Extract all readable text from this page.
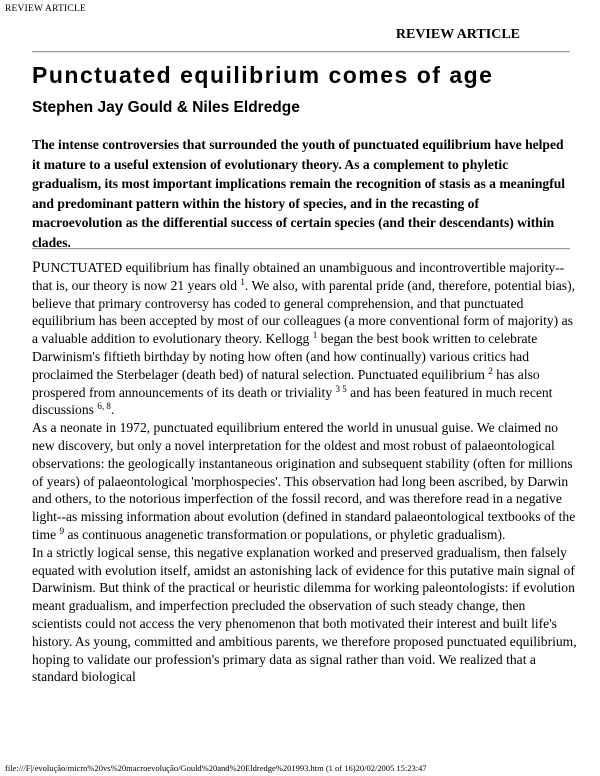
REVIEW ARTICLE
REVIEW ARTICLE
Punctuated equilibrium comes of age
Stephen Jay Gould & Niles Eldredge

The intense controversies that surrounded the youth of punctuated equilibrium have helped it mature to a useful extension of evolutionary theory. As a complement to phyletic gradualism, its most important implications remain the recognition of stasis as a meaningful and predominant pattern within the history of species, and in the recasting of macroevolution as the differential success of certain species (and their descendants) within clades.

PUNCTUATED equilibrium has finally obtained an unambiguous and incontrovertible majority--that is, our theory is now 21 years old $^1$. We also, with parental pride (and, therefore, potential bias), believe that primary controversy has coded to general comprehension, and that punctuated equilibrium has been accepted by most of our colleagues (a more conventional form of majority) as a valuable addition to evolutionary theory. Kellogg $^1$ began the best book written to celebrate Darwinism's fiftieth birthday by noting how often (and how continually) various critics had proclaimed the Sterbelager (death bed) of natural selection. Punctuated equilibrium $^2$ has also prospered from announcements of its death or triviality $^{3 5}$ and has been featured in much recent discussions $^{6, 8}$.

As a neonate in 1972, punctuated equilibrium entered the world in unusual guise. We claimed no new discovery, but only a novel interpretation for the oldest and most robust of palaeontological observations: the geologically instantaneous origination and subsequent stability (often for millions of years) of palaeontological 'morphospecies'. This observation had long been ascribed, by Darwin and others, to the notorious imperfection of the fossil record, and was therefore read in a negative light--as missing information about evolution (defined in standard palaeontological textbooks of the time $^9$ as continuous anagenetic transformation or populations, or phyletic gradualism).

In a strictly logical sense, this negative explanation worked and preserved gradualism, then falsely equated with evolution itself, amidst an astonishing lack of evidence for this putative main signal of Darwinism. But think of the practical or heuristic dilemma for working paleontologists: if evolution meant gradualism, and imperfection precluded the observation of such steady change, then scientists could not access the very phenomenon that both motivated their interest and built life's history. As young, committed and ambitious parents, we therefore proposed punctuated equilibrium, hoping to validate our profession's primary data as signal rather than void. We realized that a standard biological

file:///F|/evolução/micro%20vs%20macroevolução/Gould%20and%20Eldredge%201993.htm (1 of 16)20/02/2005 15:23:47
